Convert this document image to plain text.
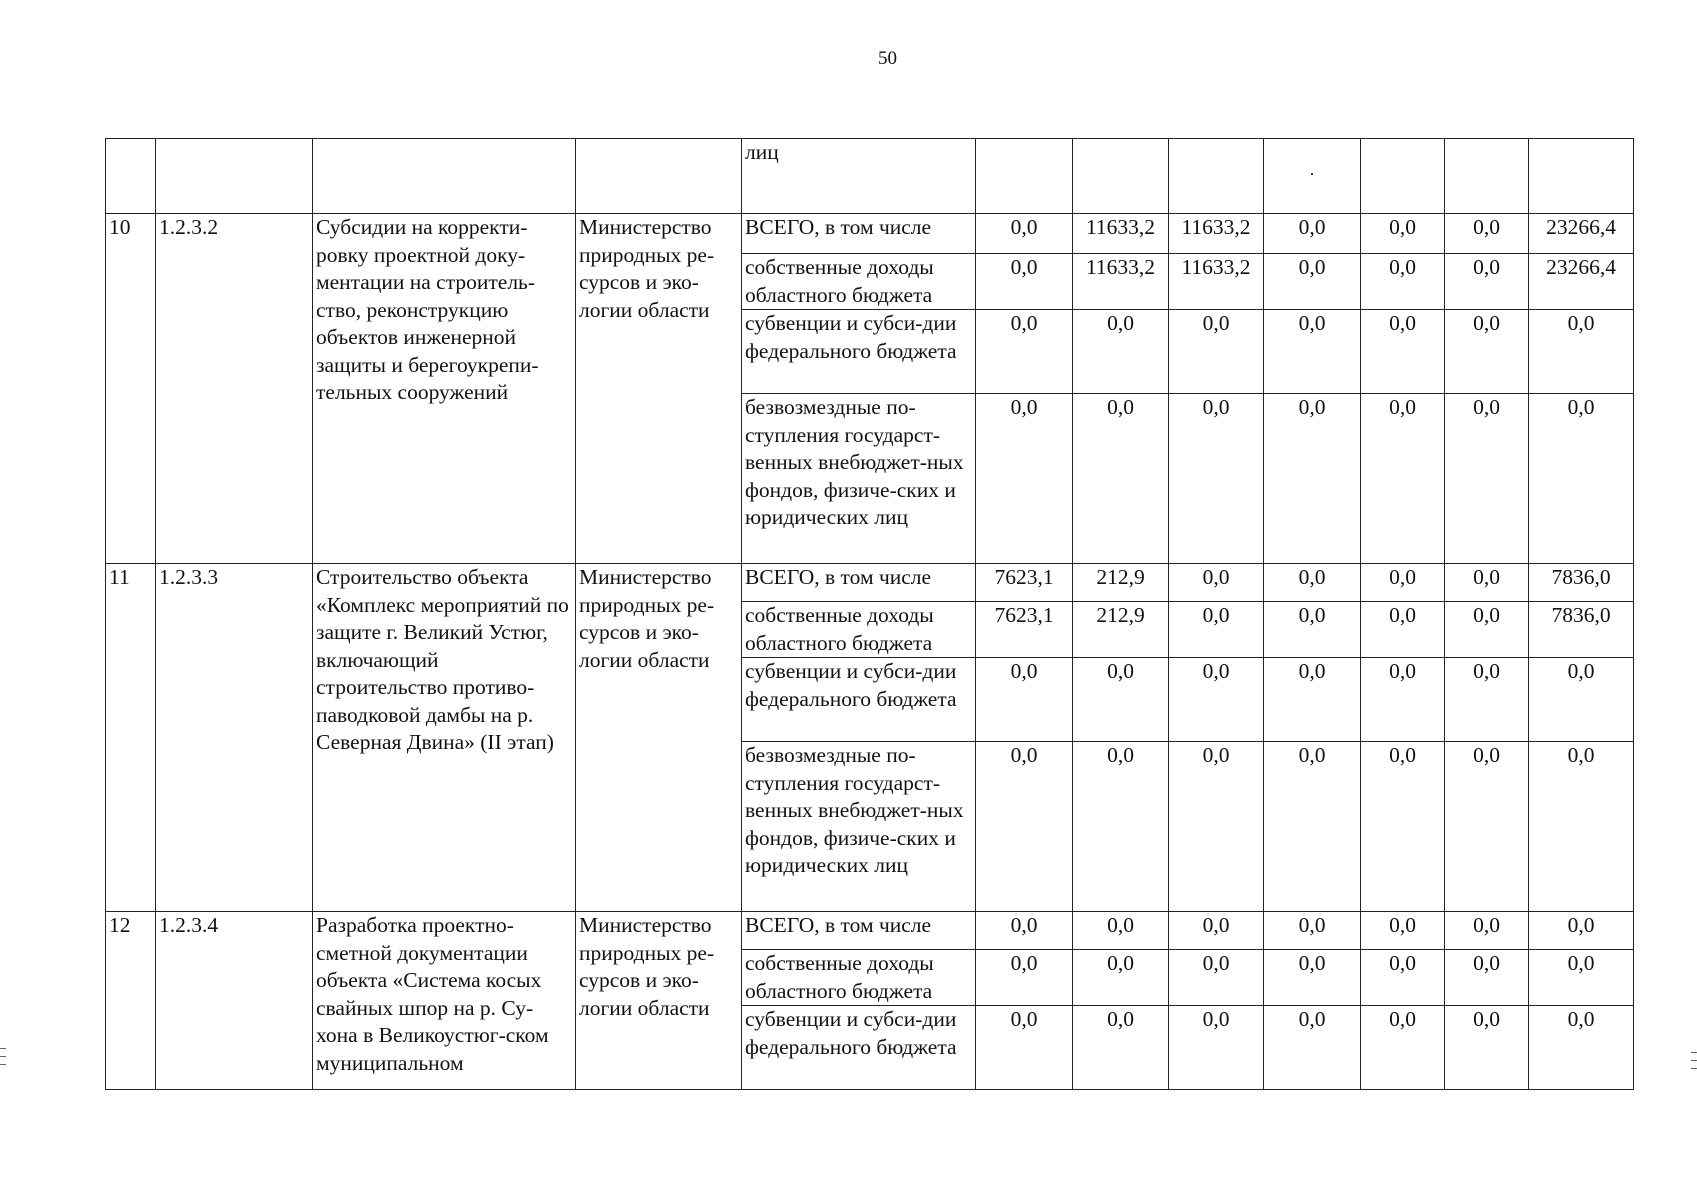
50
				лиц							
10	1.2.3.2	Субсидии на корректи-ровку проектной доку-ментации на строитель-ство, реконструкцию объектов инженерной защиты и берегоукрепи-тельных сооружений	Министерство природных ре-сурсов и эко-логии области	ВСЕГО, в том числе	0,0	11633,2	11633,2	0,0	0,0	0,0	23266,4
				собственные доходы областного бюджета	0,0	11633,2	11633,2	0,0	0,0	0,0	23266,4
				субвенции и субси-дии федерального бюджета	0,0	0,0	0,0	0,0	0,0	0,0	0,0
				безвозмездные по-ступления государст-венных внебюджет-ных фондов, физиче-ских и юридических лиц	0,0	0,0	0,0	0,0	0,0	0,0	0,0
11	1.2.3.3	Строительство объекта «Комплекс мероприятий по защите г. Великий Устюг, включающий строительство противо-паводковой дамбы на р. Северная Двина» (II этап)	Министерство природных ре-сурсов и эко-логии области	ВСЕГО, в том числе	7623,1	212,9	0,0	0,0	0,0	0,0	7836,0
				собственные доходы областного бюджета	7623,1	212,9	0,0	0,0	0,0	0,0	7836,0
				субвенции и субси-дии федерального бюджета	0,0	0,0	0,0	0,0	0,0	0,0	0,0
				безвозмездные по-ступления государст-венных внебюджет-ных фондов, физиче-ских и юридических лиц	0,0	0,0	0,0	0,0	0,0	0,0	0,0
12	1.2.3.4	Разработка проектно-сметной документации объекта «Система косых свайных шпор на р. Су-хона в Великоустюг-ском муниципальном	Министерство природных ре-сурсов и эко-логии области	ВСЕГО, в том числе	0,0	0,0	0,0	0,0	0,0	0,0	0,0
				собственные доходы областного бюджета	0,0	0,0	0,0	0,0	0,0	0,0	0,0
				субвенции и субси-дии федерального бюджета	0,0	0,0	0,0	0,0	0,0	0,0	0,0
